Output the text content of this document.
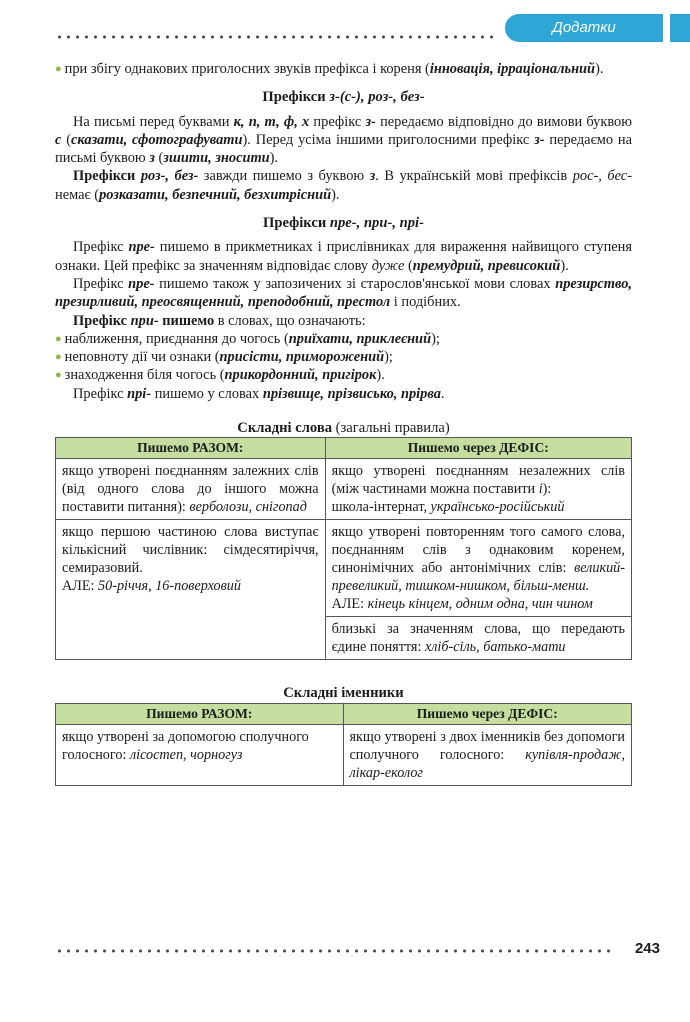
Додатки

● при збігу однакових приголосних звуків префікса і кореня (інновація, ірраціональний).

Префікси з-(с-), роз-, без-

На письмі перед буквами к, п, т, ф, х префікс з- передаємо відповідно до вимови буквою с (сказати, сфотографувати). Перед усіма іншими приголосними префікс з- передаємо на письмі буквою з (зшити, зносити).

Префікси роз-, без- завжди пишемо з буквою з. В українській мові префіксів рос-, бес- немає (розказати, безпечний, безхитрісний).

Префікси пре-, при-, прі-

Префікс пре- пишемо в прикметниках і прислівниках для вираження найвищого ступеня ознаки. Цей префікс за значенням відповідає слову дуже (премудрий, превисокий).

Префікс пре- пишемо також у запозичених зі старослов'янської мови словах презирство, презирливий, преосвященний, преподобний, престол і подібних.

Префікс при- пишемо в словах, що означають:

● наближення, приєднання до чогось (приїхати, приклеєний);

● неповноту дії чи ознаки (присісти, приморожений);

● знаходження біля чогось (прикордонний, пригірок).

Префікс прі- пишемо у словах прізвище, прізвисько, прірва.

Складні слова (загальні правила)

Пишемо РАЗОМ:	Пишемо через ДЕФІС:
якщо утворені поєднанням залежних слів (від одного слова до іншого можна поставити питання): верболози, снігопад	якщо утворені поєднанням незалежних слів (між частинами можна поставити і):
школа-інтернат, українсько-російський
якщо першою частиною слова виступає кількісний числівник: сімдесятиріччя, семиразовий.
АЛЕ: 50-річчя, 16-поверховий	якщо утворені повторенням того самого слова, поєднанням слів з однаковим коренем, синонімічних або антонімічних слів: великий-превеликий, тишком-нишком, більш-менш.
АЛЕ: кінець кінцем, одним одна, чин чином
	близькі за значенням слова, що передають єдине поняття: хліб-сіль, батько-мати

Складні іменники

Пишемо РАЗОМ:	Пишемо через ДЕФІС:
якщо утворені за допомогою сполучного голосного: лісостеп, чорногуз	якщо утворені з двох іменників без допомоги сполучного голосного: купівля-продаж, лікар-еколог
243
